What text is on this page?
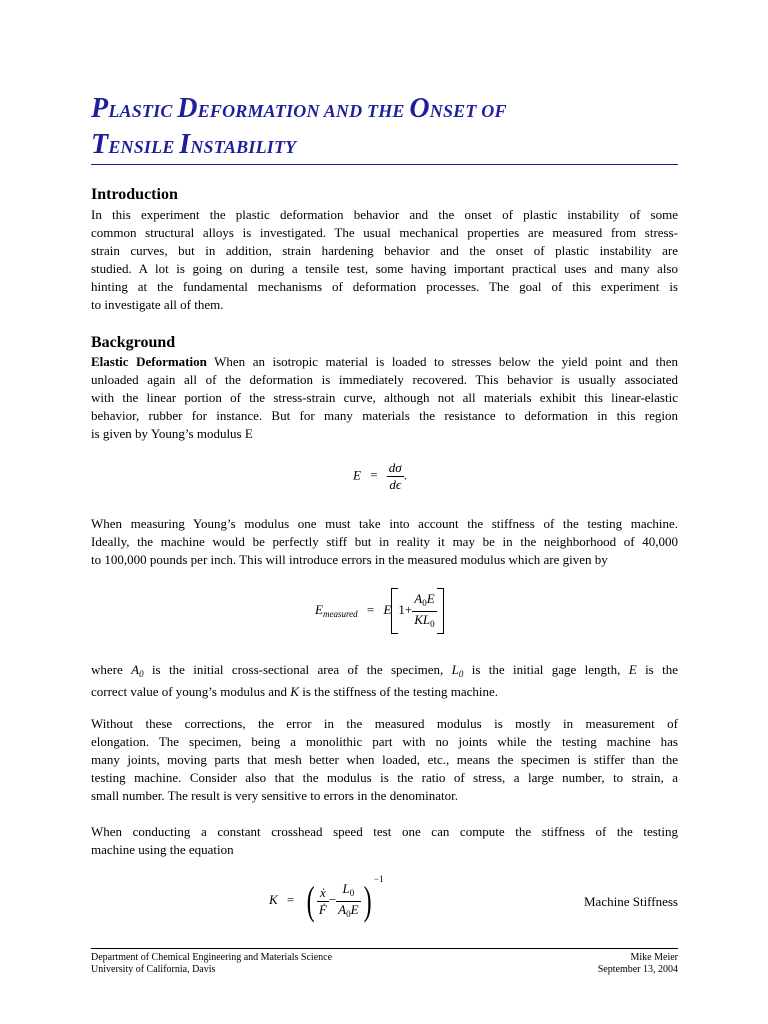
PLASTIC DEFORMATION AND THE ONSET OF
TENSILE INSTABILITY
Introduction
In this experiment the plastic deformation behavior and the onset of plastic instability of some
common structural alloys is investigated. The usual mechanical properties are measured from stress-
strain curves, but in addition, strain hardening behavior and the onset of plastic instability are
studied. A lot is going on during a tensile test, some having important practical uses and many also
hinting at the fundamental mechanisms of deformation processes. The goal of this experiment is
to investigate all of them.
Background
Elastic Deformation When an isotropic material is loaded to stresses below the yield point and then
unloaded again all of the deformation is immediately recovered. This behavior is usually associated
with the linear portion of the stress-strain curve, although not all materials exhibit this linear-elastic
behavior, rubber for instance. But for many materials the resistance to deformation in this region
is given by Young’s modulus E
$E = \frac{d\sigma}{d\epsilon}$ .
When measuring Young’s modulus one must take into account the stiffness of the testing machine.
Ideally, the machine would be perfectly stiff but in reality it may be in the neighborhood of 40,000
to 100,000 pounds per inch. This will introduce errors in the measured modulus which are given by
$E_{measured} = E$ $1+ \frac{A_0E}{KL_0}$
where $A_0$ is the initial cross-sectional area of the specimen, $L_0$ is the initial gage length, E is the
correct value of young’s modulus and K is the stiffness of the testing machine.
Without these corrections, the error in the measured modulus is mostly in measurement of
elongation. The specimen, being a monolithic part with no joints while the testing machine has
many joints, moving parts that mesh better when loaded, etc., means the specimen is stiffer than the
testing machine. Consider also that the modulus is the ratio of stress, a large number, to strain, a
small number. The result is very sensitive to errors in the denominator.
When conducting a constant crosshead speed test one can compute the stiffness of the testing
machine using the equation
K = ( $\frac{\text{ẋ}}{\text{Ḟ}} - \frac{L_0}{A_0E}$ ) $^{-1}$
Machine Stiffness
Department of Chemical Engineering and Materials Science
University of California, Davis
Mike Meier
September 13, 2004
